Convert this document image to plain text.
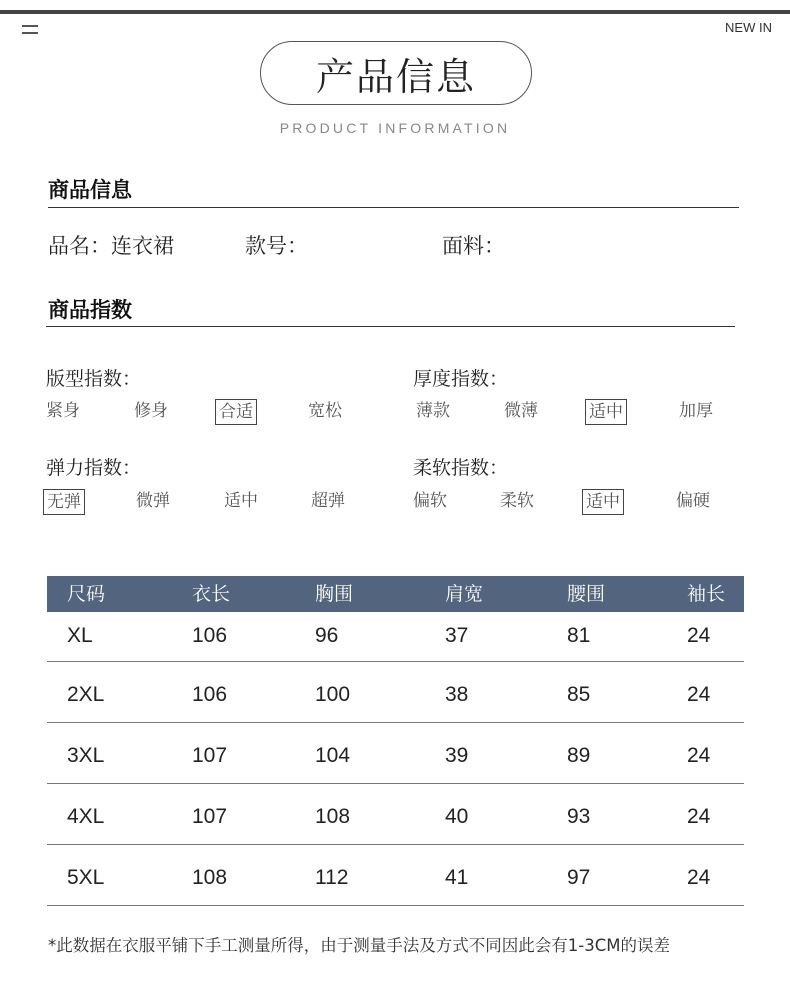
NEW IN
产品信息
PRODUCT INFORMATION
商品信息
品名：连衣裙	款号：	面料：
商品指数
版型指数：
紧身	修身	合适	宽松
厚度指数：
薄款	微薄	适中	加厚
弹力指数：
无弹	微弹	适中	超弹
柔软指数：
偏软	柔软	适中	偏硬
尺码	衣长	胸围	肩宽	腰围	袖长
XL	106	96	37	81	24
2XL	106	100	38	85	24
3XL	107	104	39	89	24
4XL	107	108	40	93	24
5XL	108	112	41	97	24
*此数据在衣服平铺下手工测量所得，由于测量手法及方式不同因此会有1-3CM的误差
